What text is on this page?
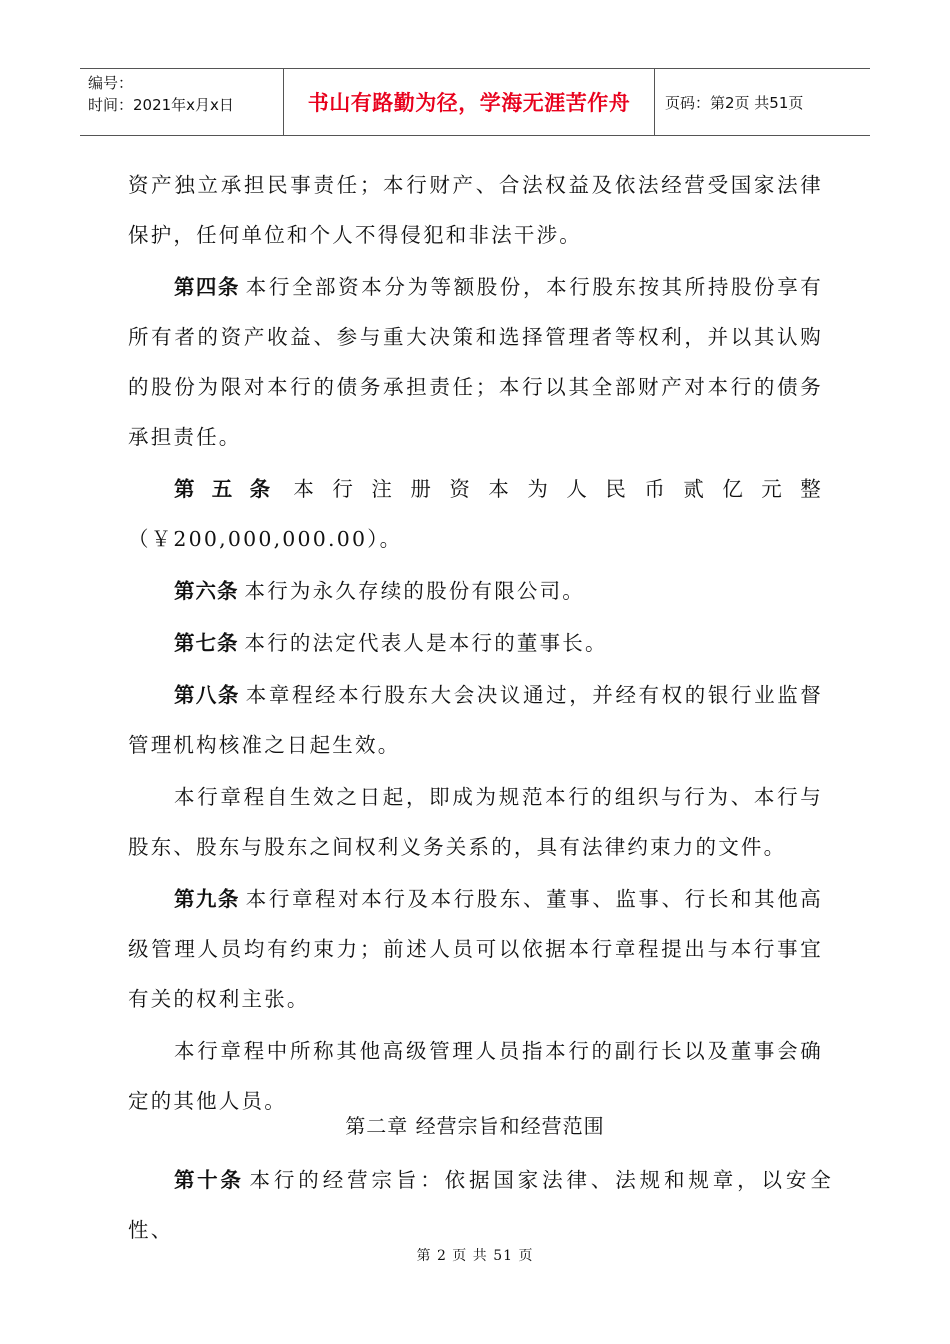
编号：
时间：2021年x月x日	书山有路勤为径，学海无涯苦作舟	页码：第2页 共51页

资产独立承担民事责任；本行财产、合法权益及依法经营受国家法律保护，任何单位和个人不得侵犯和非法干涉。

第四条 本行全部资本分为等额股份，本行股东按其所持股份享有所有者的资产收益、参与重大决策和选择管理者等权利，并以其认购的股份为限对本行的债务承担责任；本行以其全部财产对本行的债务承担责任。

第五条 本行注册资本为人民币贰亿元整（￥200,000,000.00）。

第六条 本行为永久存续的股份有限公司。

第七条 本行的法定代表人是本行的董事长。

第八条 本章程经本行股东大会决议通过，并经有权的银行业监督管理机构核准之日起生效。

本行章程自生效之日起，即成为规范本行的组织与行为、本行与股东、股东与股东之间权利义务关系的，具有法律约束力的文件。

第九条 本行章程对本行及本行股东、董事、监事、行长和其他高级管理人员均有约束力；前述人员可以依据本行章程提出与本行事宜有关的权利主张。

本行章程中所称其他高级管理人员指本行的副行长以及董事会确定的其他人员。

第二章 经营宗旨和经营范围

第十条 本行的经营宗旨：依据国家法律、法规和规章，以安全性、

第 2 页 共 51 页
